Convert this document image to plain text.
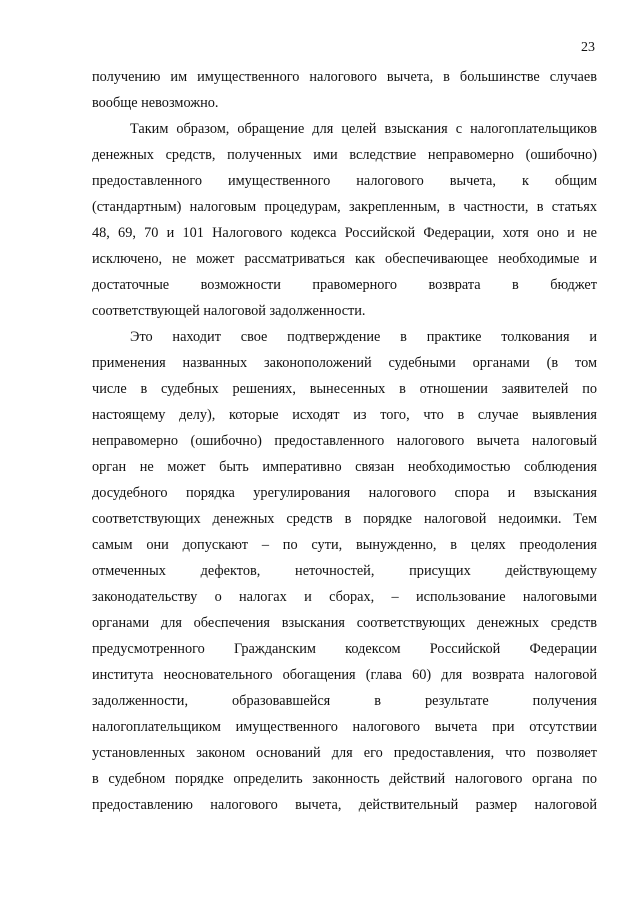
23
получению им имущественного налогового вычета, в большинстве случаев
вообще невозможно.
Таким образом, обращение для целей взыскания с налогоплательщиков
денежных средств, полученных ими вследствие неправомерно (ошибочно)
предоставленного имущественного налогового вычета, к общим
(стандартным) налоговым процедурам, закрепленным, в частности, в статьях
48, 69, 70 и 101 Налогового кодекса Российской Федерации, хотя оно и не
исключено, не может рассматриваться как обеспечивающее необходимые и
достаточные возможности правомерного возврата в бюджет
соответствующей налоговой задолженности.
Это находит свое подтверждение в практике толкования и
применения названных законоположений судебными органами (в том
числе в судебных решениях, вынесенных в отношении заявителей по
настоящему делу), которые исходят из того, что в случае выявления
неправомерно (ошибочно) предоставленного налогового вычета налоговый
орган не может быть императивно связан необходимостью соблюдения
досудебного порядка урегулирования налогового спора и взыскания
соответствующих денежных средств в порядке налоговой недоимки. Тем
самым они допускают – по сути, вынужденно, в целях преодоления
отмеченных дефектов, неточностей, присущих действующему
законодательству о налогах и сборах, – использование налоговыми
органами для обеспечения взыскания соответствующих денежных средств
предусмотренного Гражданским кодексом Российской Федерации
института неосновательного обогащения (глава 60) для возврата налоговой
задолженности, образовавшейся в результате получения
налогоплательщиком имущественного налогового вычета при отсутствии
установленных законом оснований для его предоставления, что позволяет
в судебном порядке определить законность действий налогового органа по
предоставлению налогового вычета, действительный размер налоговой
